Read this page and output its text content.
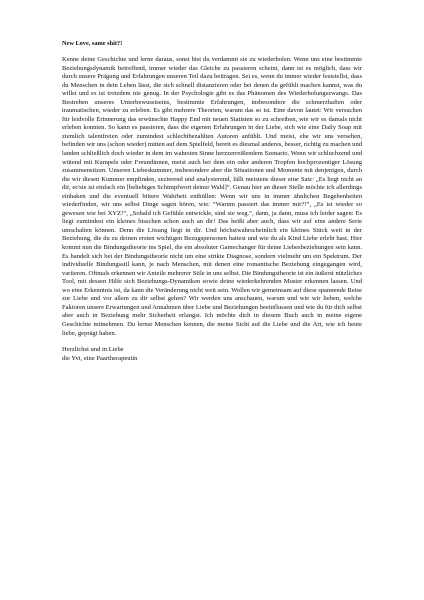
New Love, same shit?!

Kenne deine Geschichte und lerne daraus, sonst bist du verdammt sie zu wiederholen. Wenn uns eine bestimmte Beziehungsdynamik betreffend, immer wieder das Gleiche zu passieren scheint, dann ist es möglich, dass wir durch unsere Prägung und Erfahrungen unseren Teil dazu beitragen. Sei es, wenn du immer wieder feststellst, dass du Menschen in dein Leben lässt, die sich schnell distanzieren oder bei denen du gefühlt machen kannst, was du willst und es ist trotzdem nie genug. In der Psychologie gibt es das Phänomen des Wiederholungszwangs. Das Bestreben unseres Unterbewusstseins, bestimmte Erfahrungen, insbesondere die schmerzhaften oder traumatischen, wieder zu erleben. Es gibt mehrere Theorien, warum das so ist. Eine davon lautet: Wir versuchen für leidvolle Erinnerung das erwünschte Happy End mit neuen Statisten so zu schreiben, wie wir es damals nicht erleben konnten. So kann es passieren, dass die eigenen Erfahrungen in der Liebe, sich wie eine Daily Soap mit ziemlich talentfreien oder zumindest schlechtbezahlten Autoren anfühlt. Und meist, ehe wir uns versehen, befinden wir uns (schon wieder) mitten auf dem Spielfeld, bereit es diesmal anderes, besser, richtig zu machen und landen schließlich doch wieder in dem im wahrsten Sinne herzzerreißendem Szenario. Wenn wir schluchzend und wütend mit Kumpels oder Freundinnen, meist auch bei dem ein oder anderen Tropfen hochprozentiger Lösung zusammensitzen. Unseren Liebeskummer, insbesondere aber die Situationen und Momente mit denjenigen, durch die wir diesen Kummer empfinden, sezierend und analysierend, fällt meistens dieser eine Satz: „Es liegt nicht an dir, er/sie ist einfach ein [beliebiges Schimpfwort deiner Wahl]“. Genau hier an dieser Stelle möchte ich allerdings einhaken und die eventuell bittere Wahrheit enthüllen: Wenn wir uns in immer ähnlichen Begebenheiten wiederfinden, wir uns selbst Dinge sagen hören, wie: “Warum passiert das immer mir?!”, „Es ist wieder so gewesen wie bei XYZ!“, „Sobald ich Gefühle entwickle, sind sie weg.“, dann, ja dann, muss ich leider sagen: Es liegt zumindest ein kleines bisschen schon auch an dir! Das heißt aber auch, dass wir auf eine andere Serie umschalten können. Denn die Lösung liegt in dir. Und höchstwahrscheinlich ein kleines Stück weit in der Beziehung, die du zu deinen ersten wichtigen Bezugspersonen hattest und wie du als Kind Liebe erlebt hast. Hier kommt nun die Bindungstheorie ins Spiel, die ein absoluter Gamechanger für deine Liebesbeziehungen sein kann. Es handelt sich bei der Bindungstheorie nicht um eine strikte Diagnose, sondern vielmehr um ein Spektrum. Der individuelle Bindungsstil kann, je nach Menschen, mit denen eine romantische Beziehung eingegangen wird, variieren. Oftmals erkennen wir Anteile mehrerer Stile in uns selbst. Die Bindungstheorie ist ein äußerst nützliches Tool, mit dessen Hilfe sich Beziehungs-Dynamiken sowie deine wiederkehrenden Muster erkennen lassen. Und wo eine Erkenntnis ist, da kann die Veränderung nicht weit sein. Wollen wir gemeinsam auf diese spannende Reise zur Liebe und vor allem zu dir selbst gehen? Wir werden uns anschauen, warum und wie wir lieben, welche Faktoren unsere Erwartungen und Annahmen über Liebe und Beziehungen beeinflussen und wie du für dich selbst aber auch in Beziehung mehr Sicherheit erlangst. Ich möchte dich in diesem Buch auch in meine eigene Geschichte mitnehmen. Du lernst Menschen kennen, die meine Sicht auf die Liebe und die Art, wie ich heute liebe, geprägt haben.

Herzlichst und in Liebe
die Yvi, eine Paartherapeutin
